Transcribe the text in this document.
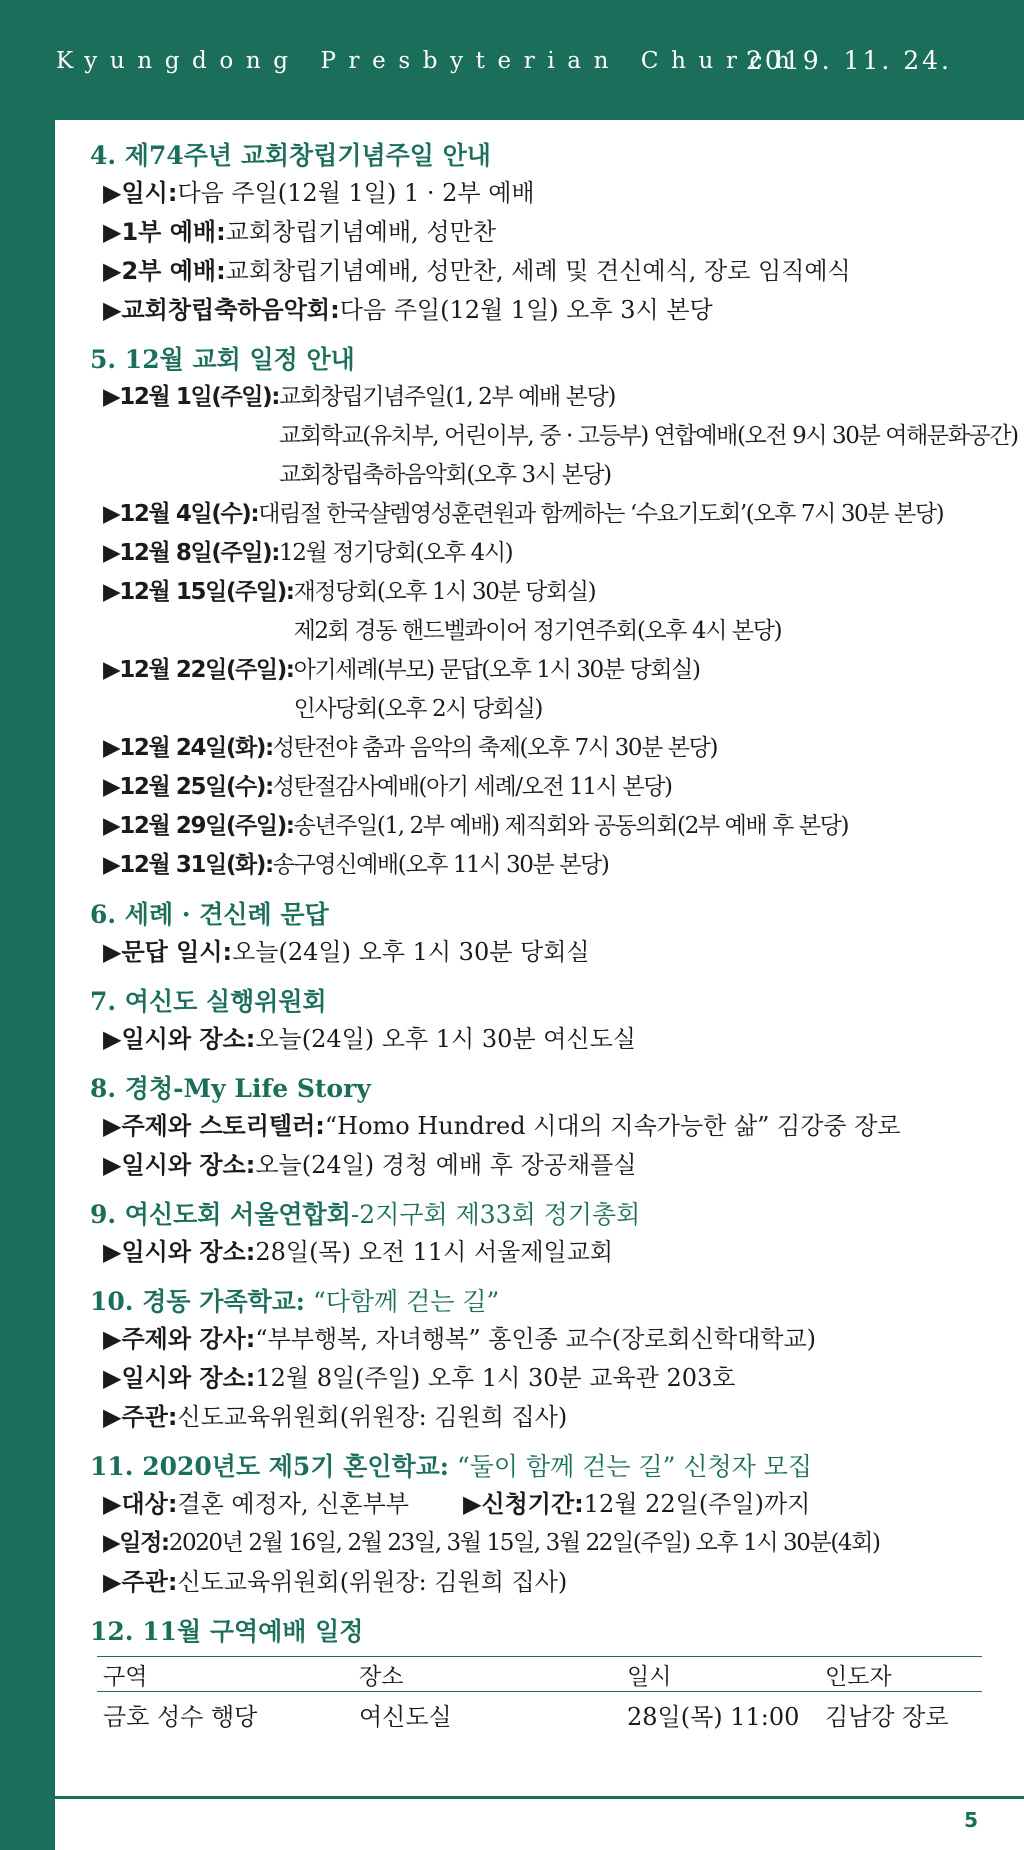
Kyungdong Presbyterian Church
2019. 11. 24.
4. 제74주년 교회창립기념주일 안내
▶일시: 다음 주일(12월 1일) 1 · 2부 예배
▶1부 예배: 교회창립기념예배, 성만찬
▶2부 예배: 교회창립기념예배, 성만찬, 세례 및 견신예식, 장로 임직예식
▶교회창립축하음악회: 다음 주일(12월 1일) 오후 3시 본당
5. 12월 교회 일정 안내
▶12월 1일(주일): 교회창립기념주일(1, 2부 예배 본당)
교회학교(유치부, 어린이부, 중 · 고등부) 연합예배(오전 9시 30분 여해문화공간)
교회창립축하음악회(오후 3시 본당)
▶12월 4일(수): 대림절 한국샬렘영성훈련원과 함께하는 ‘수요기도회’(오후 7시 30분 본당)
▶12월 8일(주일): 12월 정기당회(오후 4시)
▶12월 15일(주일): 재정당회(오후 1시 30분 당회실)
제2회 경동 핸드벨콰이어 정기연주회(오후 4시 본당)
▶12월 22일(주일): 아기세례(부모) 문답(오후 1시 30분 당회실)
인사당회(오후 2시 당회실)
▶12월 24일(화): 성탄전야 춤과 음악의 축제(오후 7시 30분 본당)
▶12월 25일(수): 성탄절감사예배(아기 세례/오전 11시 본당)
▶12월 29일(주일): 송년주일(1, 2부 예배) 제직회와 공동의회(2부 예배 후 본당)
▶12월 31일(화): 송구영신예배(오후 11시 30분 본당)
6. 세례 · 견신례 문답
▶문답 일시: 오늘(24일) 오후 1시 30분 당회실
7. 여신도 실행위원회
▶일시와 장소: 오늘(24일) 오후 1시 30분 여신도실
8. 경청-My Life Story
▶주제와 스토리텔러: “Homo Hundred 시대의 지속가능한 삶” 김강중 장로
▶일시와 장소: 오늘(24일) 경청 예배 후 장공채플실
9. 여신도회 서울연합회-2지구회 제33회 정기총회
▶일시와 장소: 28일(목) 오전 11시 서울제일교회
10. 경동 가족학교: “다함께 걷는 길”
▶주제와 강사: “부부행복, 자녀행복” 홍인종 교수(장로회신학대학교)
▶일시와 장소: 12월 8일(주일) 오후 1시 30분 교육관 203호
▶주관: 신도교육위원회(위원장: 김원희 집사)
11. 2020년도 제5기 혼인학교: “둘이 함께 걷는 길” 신청자 모집
▶대상: 결혼 예정자, 신혼부부 ▶신청기간: 12월 22일(주일)까지
▶일정: 2020년 2월 16일, 2월 23일, 3월 15일, 3월 22일(주일) 오후 1시 30분(4회)
▶주관: 신도교육위원회(위원장: 김원희 집사)
12. 11월 구역예배 일정
구역	장소	일시	인도자
금호 성수 행당	여신도실	28일(목) 11:00	김남강 장로
5
